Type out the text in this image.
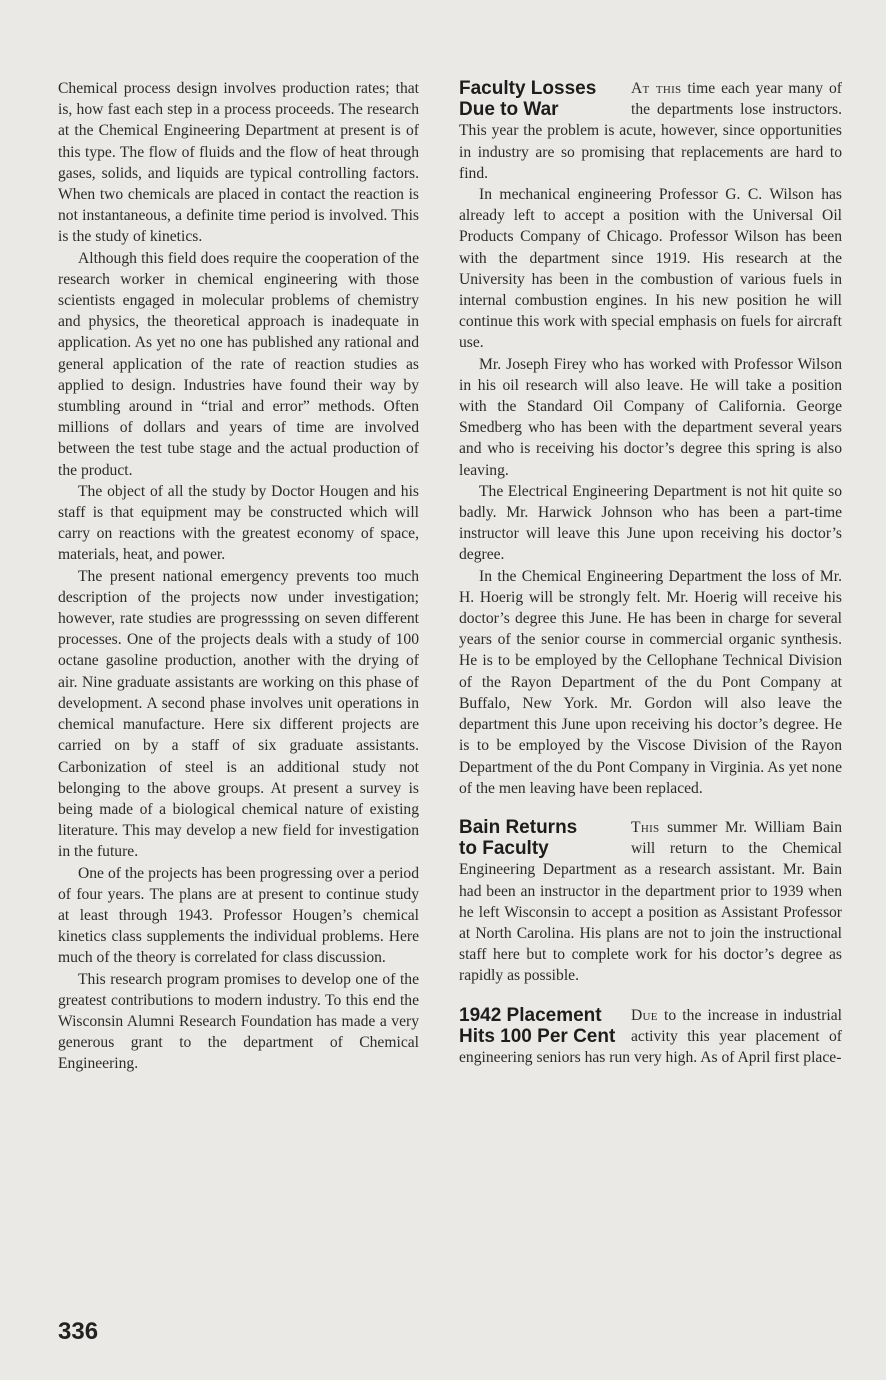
Chemical process design involves production rates; that is, how fast each step in a process proceeds. The research at the Chemical Engineering Department at present is of this type. The flow of fluids and the flow of heat through gases, solids, and liquids are typical controlling factors. When two chemicals are placed in contact the reaction is not instantaneous, a definite time period is involved. This is the study of kinetics.

Although this field does require the cooperation of the research worker in chemical engineering with those scientists engaged in molecular problems of chemistry and physics, the theoretical approach is inadequate in application. As yet no one has published any rational and general application of the rate of reaction studies as applied to design. Industries have found their way by stumbling around in “trial and error” methods. Often millions of dollars and years of time are involved between the test tube stage and the actual production of the product.

The object of all the study by Doctor Hougen and his staff is that equipment may be constructed which will carry on reactions with the greatest economy of space, materials, heat, and power.

The present national emergency prevents too much description of the projects now under investigation; however, rate studies are progresssing on seven different processes. One of the projects deals with a study of 100 octane gasoline production, another with the drying of air. Nine graduate assistants are working on this phase of development. A second phase involves unit operations in chemical manufacture. Here six different projects are carried on by a staff of six graduate assistants. Carbonization of steel is an additional study not belonging to the above groups. At present a survey is being made of a biological chemical nature of existing literature. This may develop a new field for investigation in the future.

One of the projects has been progressing over a period of four years. The plans are at present to continue study at least through 1943. Professor Hougen’s chemical kinetics class supplements the individual problems. Here much of the theory is correlated for class discussion.

This research program promises to develop one of the greatest contributions to modern industry. To this end the Wisconsin Alumni Research Foundation has made a very generous grant to the department of Chemical Engineering.

Faculty Losses
Due to War

At this time each year many of the departments lose instructors. This year the problem is acute, however, since opportunities in industry are so promising that replacements are hard to find.

In mechanical engineering Professor G. C. Wilson has already left to accept a position with the Universal Oil Products Company of Chicago. Professor Wilson has been with the department since 1919. His research at the University has been in the combustion of various fuels in internal combustion engines. In his new position he will continue this work with special emphasis on fuels for aircraft use.

Mr. Joseph Firey who has worked with Professor Wilson in his oil research will also leave. He will take a position with the Standard Oil Company of California. George Smedberg who has been with the department several years and who is receiving his doctor’s degree this spring is also leaving.

The Electrical Engineering Department is not hit quite so badly. Mr. Harwick Johnson who has been a part-time instructor will leave this June upon receiving his doctor’s degree.

In the Chemical Engineering Department the loss of Mr. H. Hoerig will be strongly felt. Mr. Hoerig will receive his doctor’s degree this June. He has been in charge for several years of the senior course in commercial organic synthesis. He is to be employed by the Cellophane Technical Division of the Rayon Department of the du Pont Company at Buffalo, New York. Mr. Gordon will also leave the department this June upon receiving his doctor’s degree. He is to be employed by the Viscose Division of the Rayon Department of the du Pont Company in Virginia. As yet none of the men leaving have been replaced.

Bain Returns
to Faculty

This summer Mr. William Bain will return to the Chemical Engineering Department as a research assistant. Mr. Bain had been an instructor in the department prior to 1939 when he left Wisconsin to accept a position as Assistant Professor at North Carolina. His plans are not to join the instructional staff here but to complete work for his doctor’s degree as rapidly as possible.

1942 Placement
Hits 100 Per Cent

Due to the increase in industrial activity this year placement of engineering seniors has run very high. As of April first place-

336
